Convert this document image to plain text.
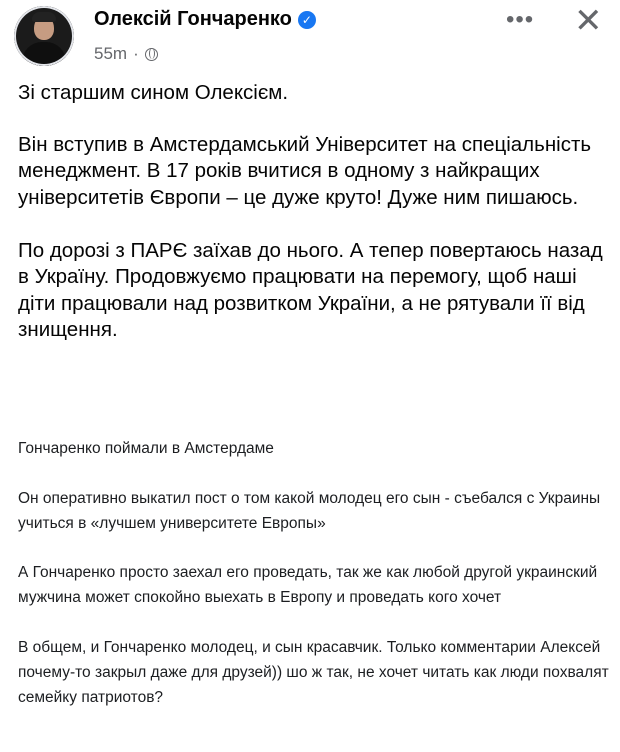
Олексій Гончаренко ✓
55m ·
••• ✕

Зі старшим сином Олексієм.

Він вступив в Амстердамський Університет на спеціальність менеджмент. В 17 років вчитися в одному з найкращих університетів Європи – це дуже круто! Дуже ним пишаюсь.

По дорозі з ПАРЄ заїхав до нього. А тепер повертаюсь назад в Україну. Продовжуємо працювати на перемогу, щоб наші діти працювали над розвитком України, а не рятували її від знищення.

Гончаренко поймали в Амстердаме

Он оперативно выкатил пост о том какой молодец его сын - съебался с Украины учиться в «лучшем университете Европы»

А Гончаренко просто заехал его проведать, так же как любой другой украинский мужчина может спокойно выехать в Европу и проведать кого хочет

В общем, и Гончаренко молодец, и сын красавчик. Только комментарии Алексей почему-то закрыл даже для друзей)) шо ж так, не хочет читать как люди похвалят семейку патриотов?
